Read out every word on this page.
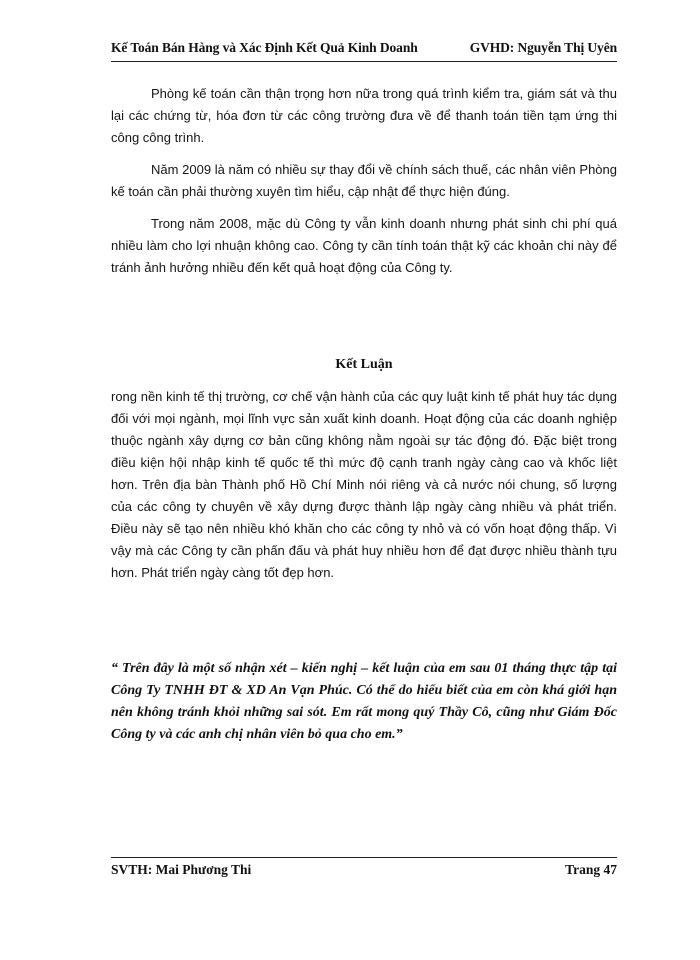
Kế Toán Bán Hàng và Xác Định Kết Quả Kinh Doanh	GVHD: Nguyễn Thị Uyên

Phòng kế toán cần thận trọng hơn nữa trong quá trình kiểm tra, giám sát và thu lại các chứng từ, hóa đơn từ các công trường đưa về để thanh toán tiền tạm ứng thi công công trình.

Năm 2009 là năm có nhiều sự thay đổi về chính sách thuế, các nhân viên Phòng kế toán cần phải thường xuyên tìm hiểu, cập nhật để thực hiện đúng.

Trong năm 2008, mặc dù Công ty vẫn kinh doanh nhưng phát sinh chi phí quá nhiều làm cho lợi nhuận không cao. Công ty cần tính toán thật kỹ các khoản chi này để tránh ảnh hưởng nhiều đến kết quả hoạt động của Công ty.

Kết Luận

rong nền kinh tế thị trường, cơ chế vận hành của các quy luật kinh tế phát huy tác dụng đối với mọi ngành, mọi lĩnh vực sản xuất kinh doanh. Hoạt động của các doanh nghiệp thuộc ngành xây dựng cơ bản cũng không nằm ngoài sự tác động đó. Đặc biệt trong điều kiện hội nhập kinh tế quốc tế thì mức độ cạnh tranh ngày càng cao và khốc liệt hơn. Trên địa bàn Thành phố Hồ Chí Minh nói riêng và cả nước nói chung, số lượng của các công ty chuyên về xây dựng được thành lập ngày càng nhiều và phát triển. Điều này sẽ tạo nên nhiều khó khăn cho các công ty nhỏ và có vốn hoạt động thấp. Vì vậy mà các Công ty cần phấn đấu và phát huy nhiều hơn để đạt được nhiều thành tựu hơn. Phát triển ngày càng tốt đẹp hơn.

“ Trên đây là một số nhận xét – kiến nghị – kết luận của em sau 01 tháng thực tập tại Công Ty TNHH ĐT & XD An Vạn Phúc. Có thể do hiểu biết của em còn khá giới hạn nên không tránh khỏi những sai sót. Em rất mong quý Thầy Cô, cũng như Giám Đốc Công ty và các anh chị nhân viên bỏ qua cho em.”
SVTH: Mai Phương Thi	Trang 47
